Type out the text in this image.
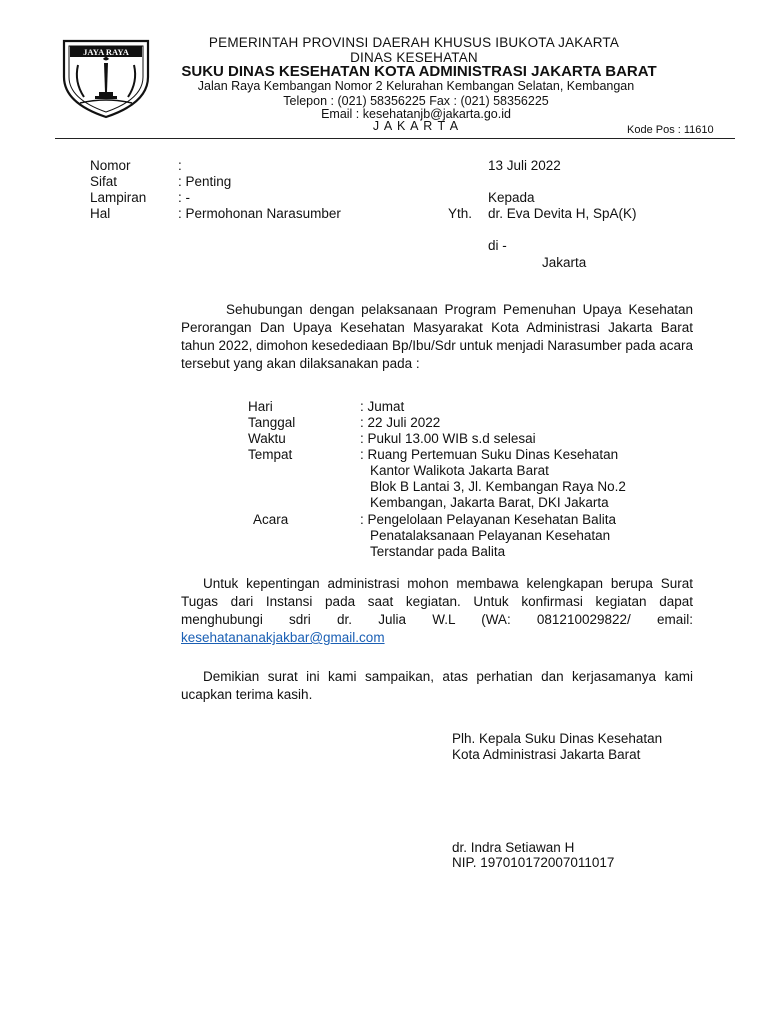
JAYA RAYA
PEMERINTAH PROVINSI DAERAH KHUSUS IBUKOTA JAKARTA
DINAS KESEHATAN
SUKU DINAS KESEHATAN KOTA ADMINISTRASI JAKARTA BARAT
Jalan Raya Kembangan Nomor 2 Kelurahan Kembangan Selatan, Kembangan
Telepon : (021) 58356225 Fax : (021) 58356225
Email : kesehatanjb@jakarta.go.id
J A K A R T A	Kode Pos : 11610
Nomor	:	13 Juli 2022
Sifat	: Penting
Lampiran : -	Kepada
Hal	: Permohonan Narasumber	Yth. dr. Eva Devita H, SpA(K)
di -
Jakarta
Sehubungan dengan pelaksanaan Program Pemenuhan Upaya Kesehatan Perorangan Dan Upaya Kesehatan Masyarakat Kota Administrasi Jakarta Barat tahun 2022, dimohon kesedediaan Bp/Ibu/Sdr untuk menjadi Narasumber pada acara tersebut yang akan dilaksanakan pada :
Hari	: Jumat
Tanggal	: 22 Juli 2022
Waktu	: Pukul 13.00 WIB s.d selesai
Tempat	: Ruang Pertemuan Suku Dinas Kesehatan
Kantor Walikota Jakarta Barat
Blok B Lantai 3, Jl. Kembangan Raya No.2
Kembangan, Jakarta Barat, DKI Jakarta
Acara	: Pengelolaan Pelayanan Kesehatan Balita
Penatalaksanaan Pelayanan Kesehatan
Terstandar pada Balita
Untuk kepentingan administrasi mohon membawa kelengkapan berupa Surat Tugas dari Instansi pada saat kegiatan. Untuk konfirmasi kegiatan dapat menghubungi sdri dr. Julia W.L (WA: 081210029822/ email: kesehatananakjakbar@gmail.com
Demikian surat ini kami sampaikan, atas perhatian dan kerjasamanya kami ucapkan terima kasih.
Plh. Kepala Suku Dinas Kesehatan
Kota Administrasi Jakarta Barat
dr. Indra Setiawan H
NIP. 197010172007011017
